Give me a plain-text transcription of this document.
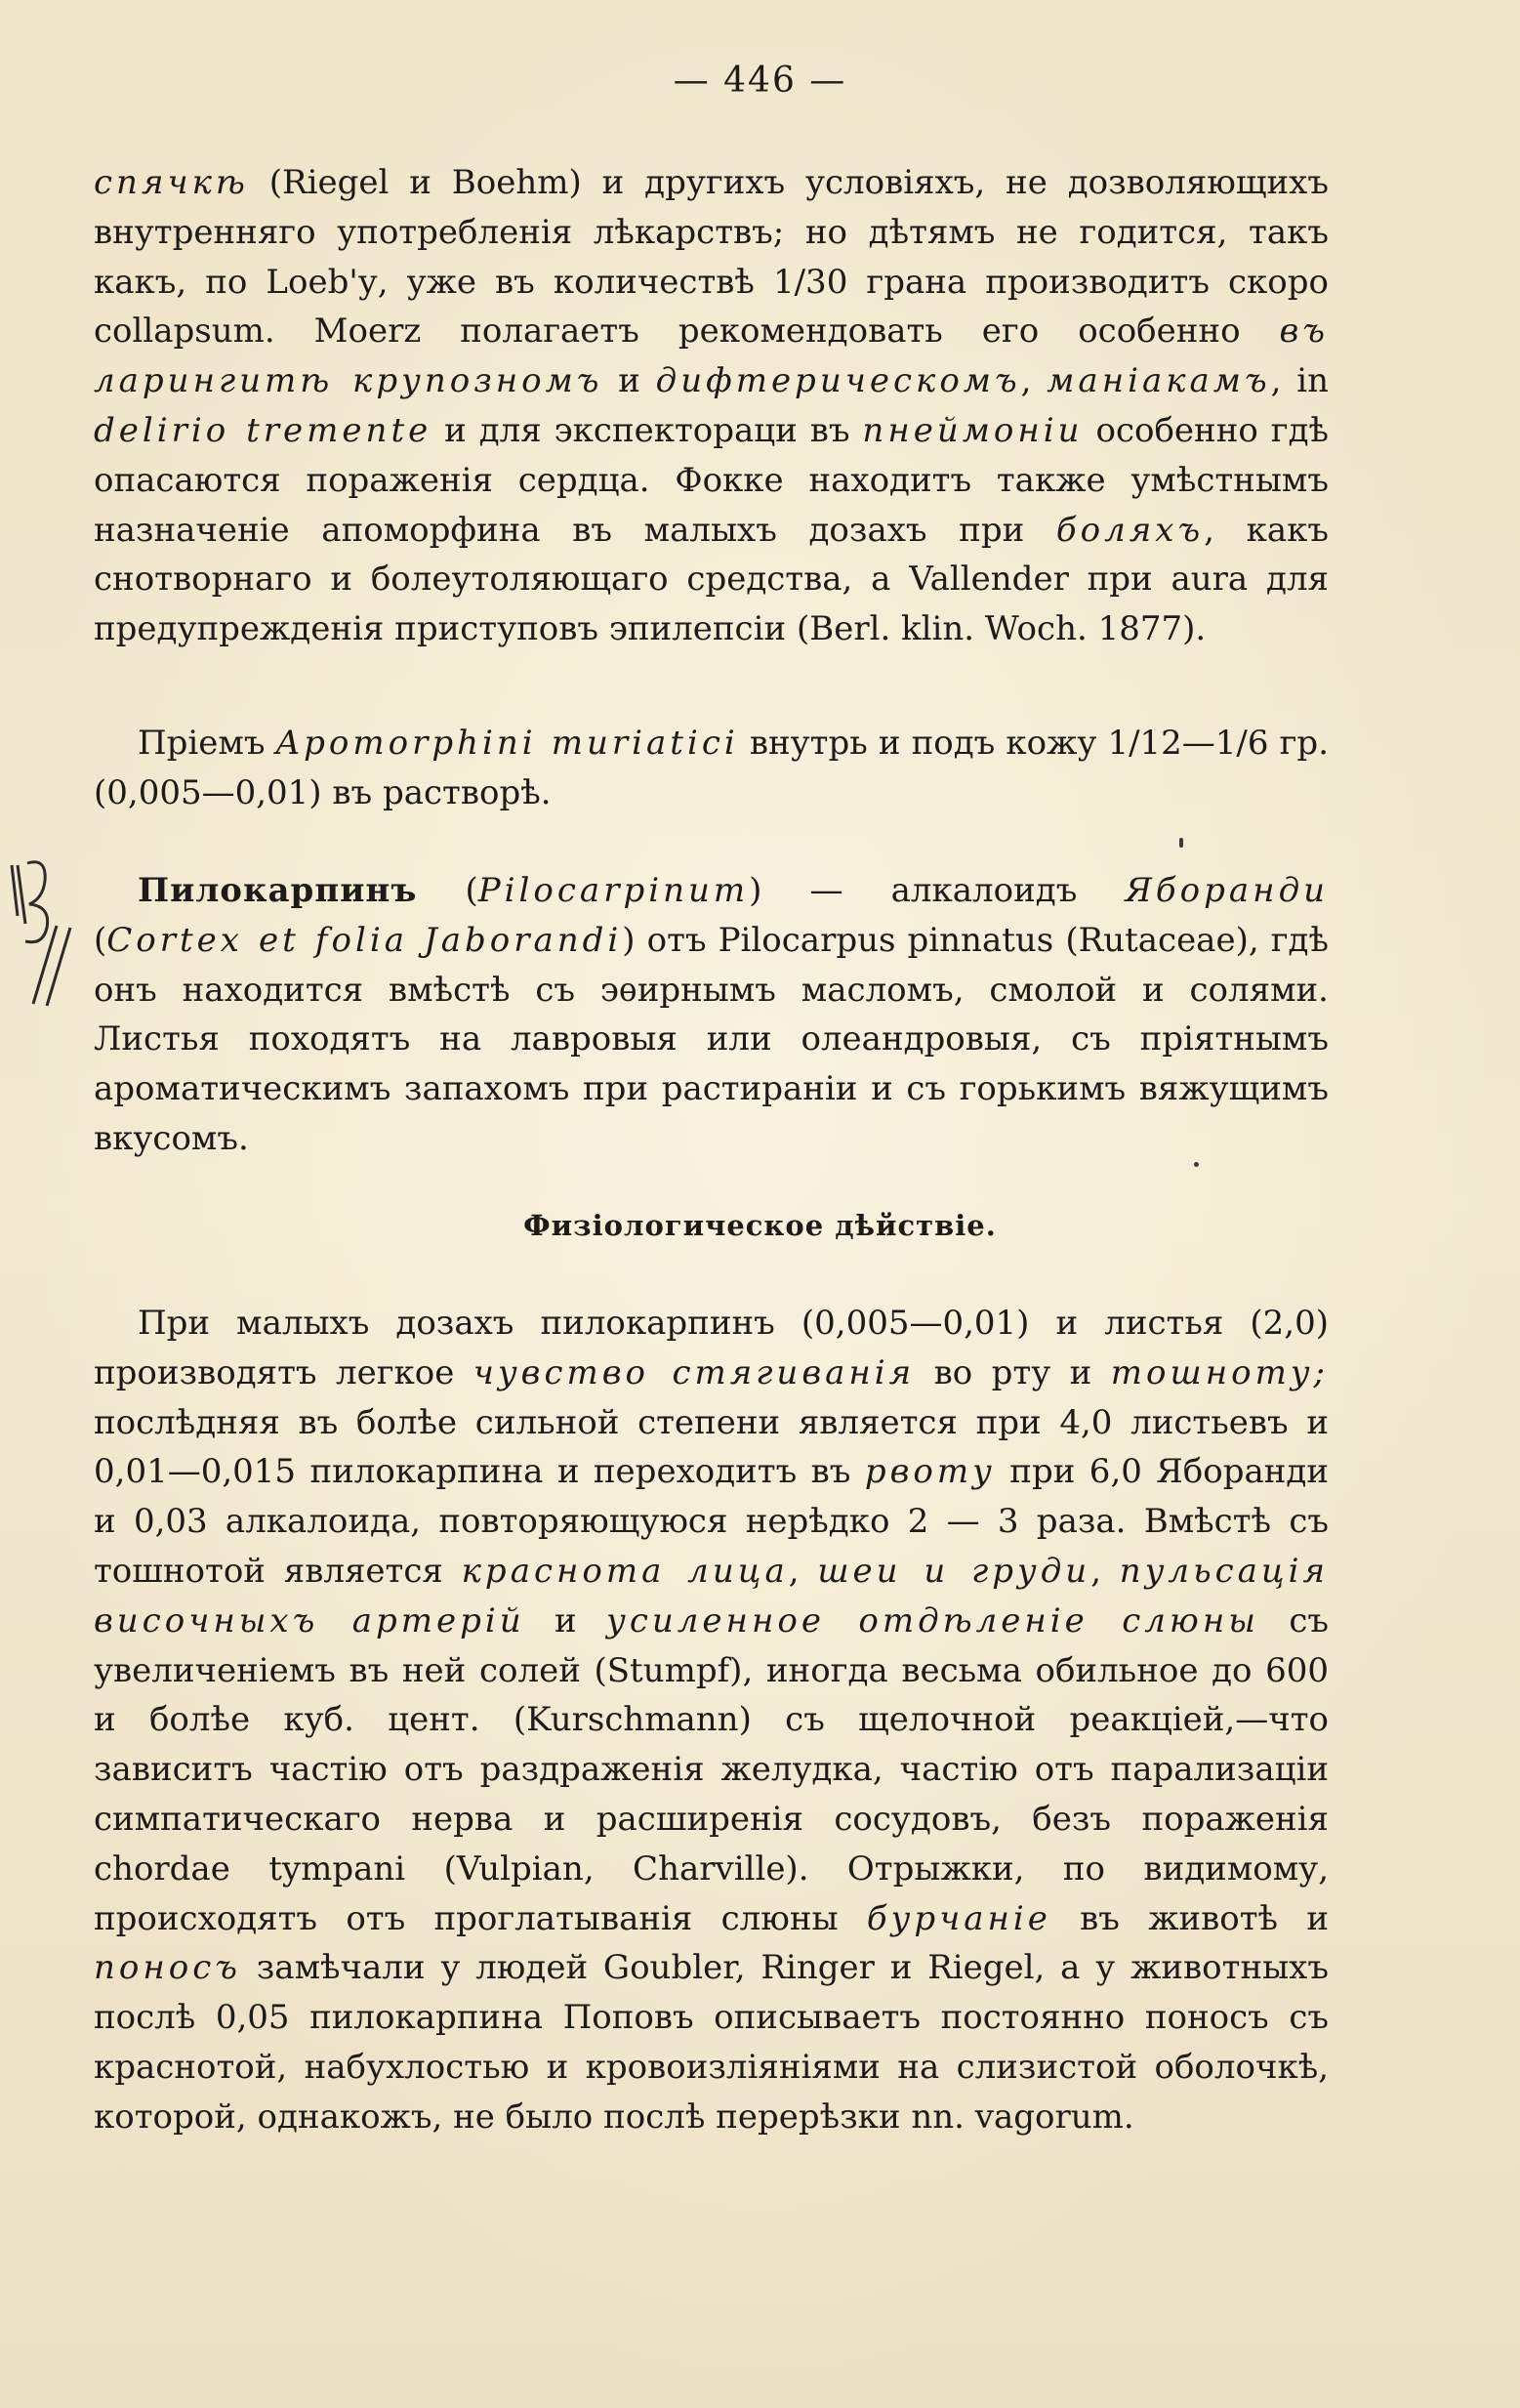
— 446 —

спячкѣ (Riegel и Boehm) и другихъ условiяхъ, не дозволяющихъ внутренняго употребленiя лѣкарствъ; но дѣтямъ не годится, такъ какъ, по Loeb'у, уже въ количествѣ 1/30 грана производитъ скоро collapsum. Moerz полагаетъ рекомендовать его особенно въ ларингитѣ крупозномъ и дифтерическомъ, манiакамъ, in delirio tremente и для экспектораци въ пнеймонiи особенно гдѣ опасаются пораженiя сердца. Фокке находитъ также умѣстнымъ назначенiе апоморфина въ малыхъ дозахъ при боляхъ, какъ снотворнаго и болеутоляющаго средства, а Vallender при aura для предупрежденiя приступовъ эпилепсiи (Berl. klin. Woch. 1877).

Прiемъ Apomorphini muriatici внутрь и подъ кожу 1/12—1/6 гр. (0,005—0,01) въ растворѣ.

Пилокарпинъ (Pilocarpinum) — алкалоидъ Яборанди (Cortex et folia Jaborandi) отъ Pilocarpus pinnatus (Rutaceae), гдѣ онъ находится вмѣстѣ съ эѳирнымъ масломъ, смолой и солями. Листья походятъ на лавровыя или олеандровыя, съ прiятнымъ ароматическимъ запахомъ при растиранiи и съ горькимъ вяжущимъ вкусомъ.

Физiологическое дѣйствiе.

При малыхъ дозахъ пилокарпинъ (0,005—0,01) и листья (2,0) производятъ легкое чувство стягиванiя во рту и тошноту; послѣдняя въ болѣе сильной степени является при 4,0 листьевъ и 0,01—0,015 пилокарпина и переходитъ въ рвоту при 6,0 Яборанди и 0,03 алкалоида, повторяющуюся нерѣдко 2 — 3 раза. Вмѣстѣ съ тошнотой является краснота лица, шеи и груди, пульсацiя височныхъ артерiй и усиленное отдѣленiе слюны съ увеличенiемъ въ ней солей (Stumpf), иногда весьма обильное до 600 и болѣе куб. цент. (Kurschmann) съ щелочной реакцiей,—что зависитъ частiю отъ раздраженiя желудка, частiю отъ парализацiи симпатическаго нерва и расширенiя сосудовъ, безъ пораженiя chordae tympani (Vulpian, Charville). Отрыжки, по видимому, происходятъ отъ проглатыванiя слюны бурчанiе въ животѣ и поносъ замѣчали у людей Goubler, Ringer и Riegel, а у животныхъ послѣ 0,05 пилокарпина Поповъ описываетъ постоянно поносъ съ краснотой, набухлостью и кровоизлiянiями на слизистой оболочкѣ, которой, однакожъ, не было послѣ перерѣзки nn. vagorum.
